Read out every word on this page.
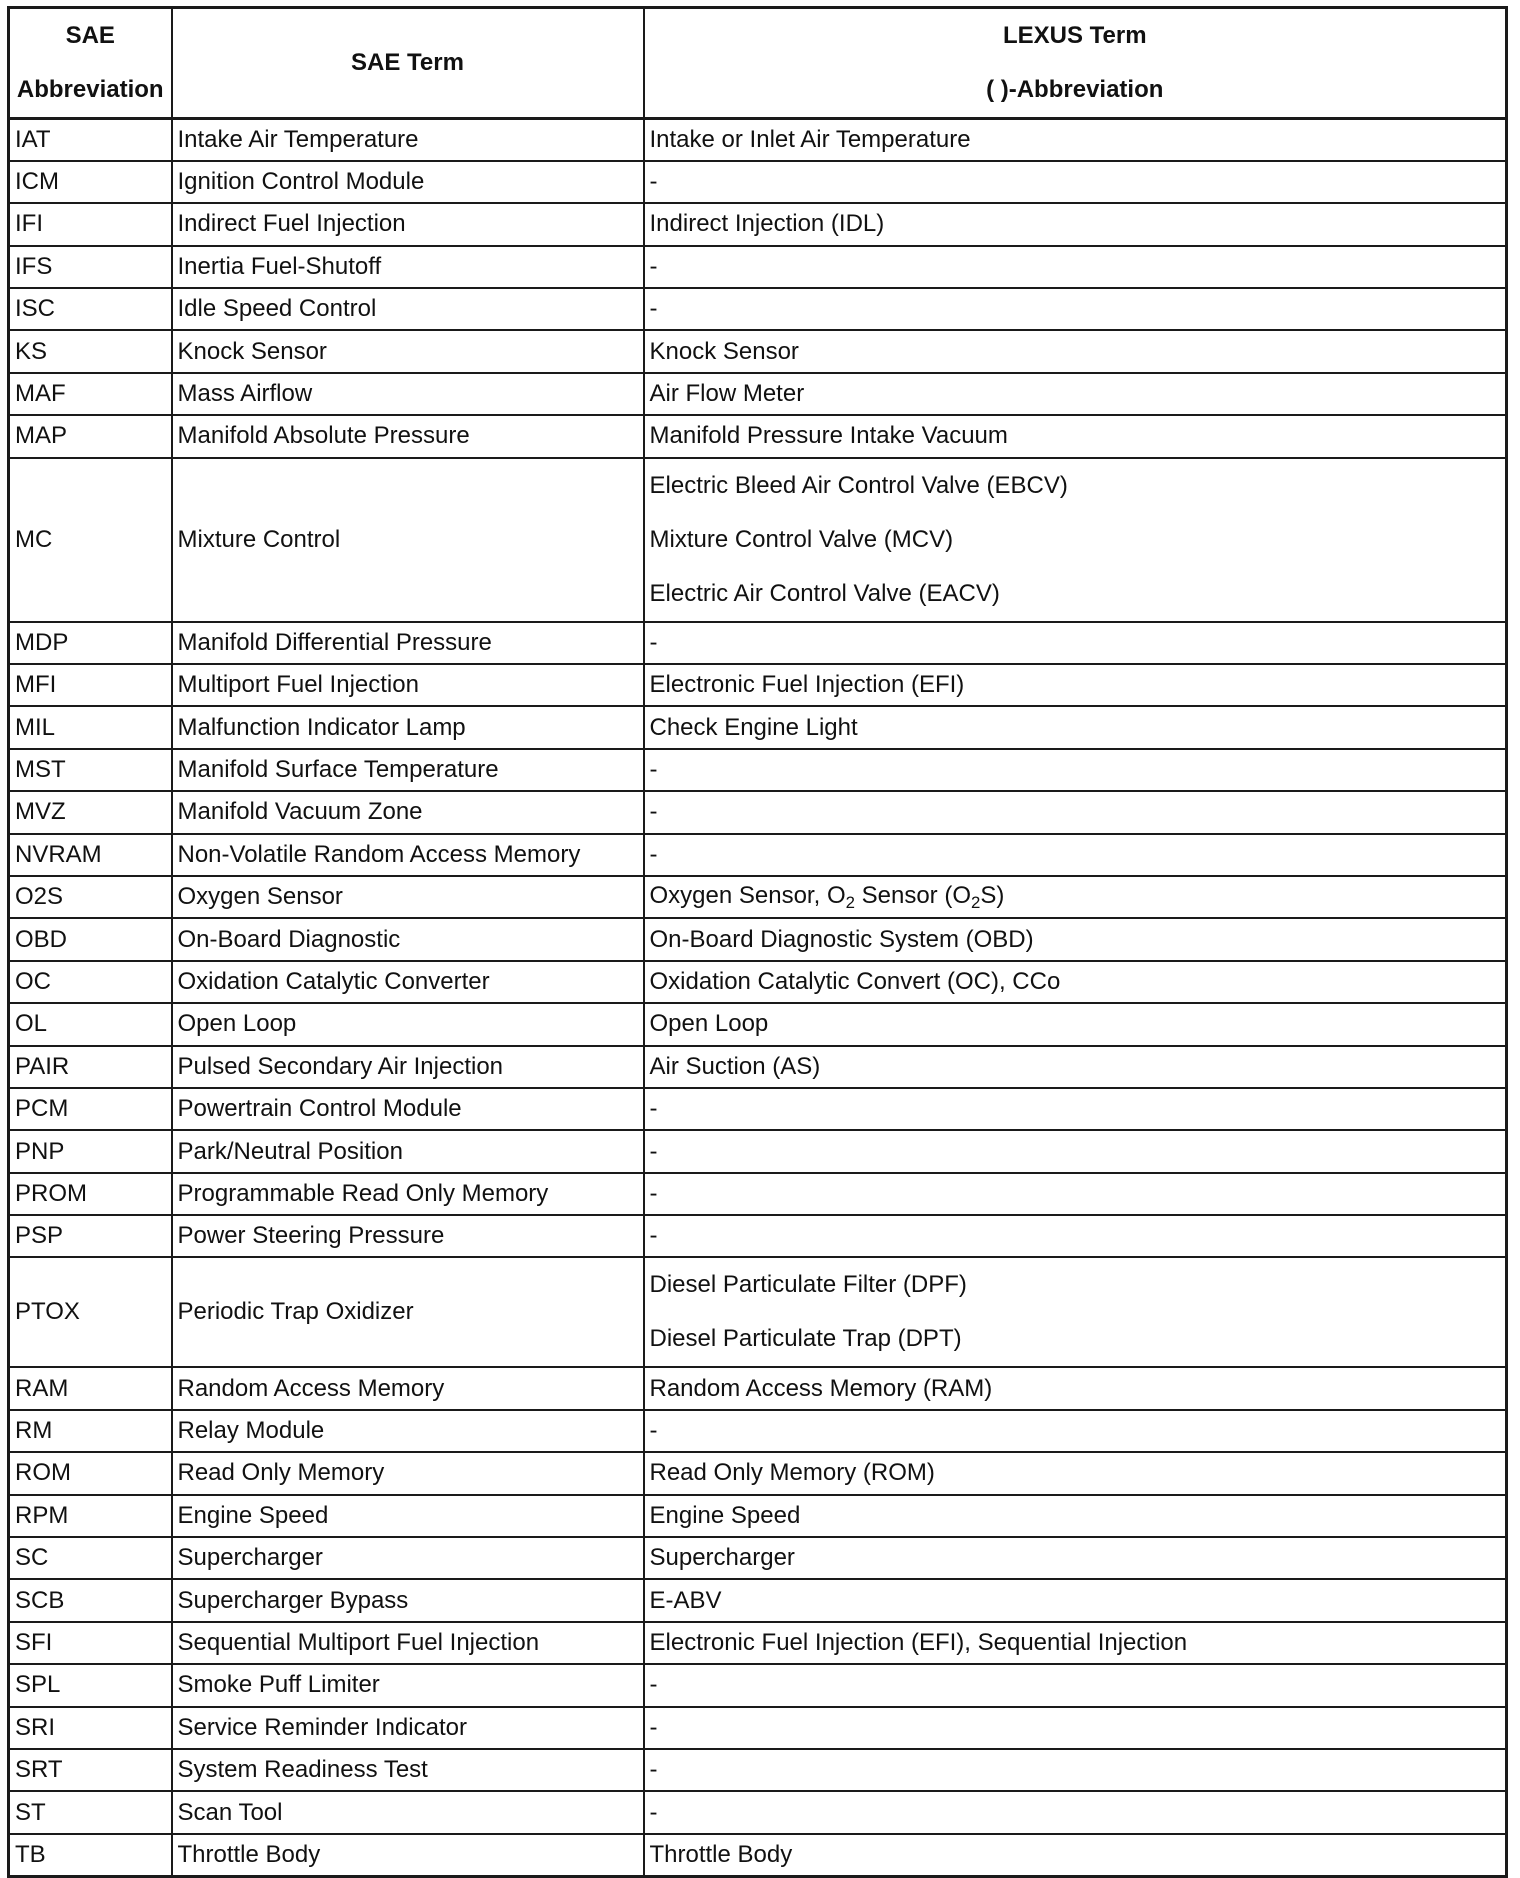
SAE
Abbreviation	SAE Term	LEXUS Term
( )-Abbreviation

IAT	Intake Air Temperature	Intake or Inlet Air Temperature
ICM	Ignition Control Module	-
IFI	Indirect Fuel Injection	Indirect Injection (IDL)
IFS	Inertia Fuel-Shutoff	-
ISC	Idle Speed Control	-
KS	Knock Sensor	Knock Sensor
MAF	Mass Airflow	Air Flow Meter
MAP	Manifold Absolute Pressure	Manifold Pressure Intake Vacuum
MC	Mixture Control	Electric Bleed Air Control Valve (EBCV)
Mixture Control Valve (MCV)
Electric Air Control Valve (EACV)

MDP	Manifold Differential Pressure	-
MFI	Multiport Fuel Injection	Electronic Fuel Injection (EFI)
MIL	Malfunction Indicator Lamp	Check Engine Light
MST	Manifold Surface Temperature	-
MVZ	Manifold Vacuum Zone	-
NVRAM	Non-Volatile Random Access Memory	-
O2S	Oxygen Sensor	Oxygen Sensor, $O_2$ Sensor $(O_2S)$
OBD	On-Board Diagnostic	On-Board Diagnostic System (OBD)
OC	Oxidation Catalytic Converter	Oxidation Catalytic Convert (OC), CCo
OL	Open Loop	Open Loop
PAIR	Pulsed Secondary Air Injection	Air Suction (AS)
PCM	Powertrain Control Module	-
PNP	Park/Neutral Position	-
PROM	Programmable Read Only Memory	-
PSP	Power Steering Pressure	-
PTOX	Periodic Trap Oxidizer	Diesel Particulate Filter (DPF)
Diesel Particulate Trap (DPT)

RAM	Random Access Memory	Random Access Memory (RAM)
RM	Relay Module	-
ROM	Read Only Memory	Read Only Memory (ROM)
RPM	Engine Speed	Engine Speed
SC	Supercharger	Supercharger
SCB	Supercharger Bypass	E-ABV
SFI	Sequential Multiport Fuel Injection	Electronic Fuel Injection (EFI), Sequential Injection
SPL	Smoke Puff Limiter	-
SRI	Service Reminder Indicator	-
SRT	System Readiness Test	-
ST	Scan Tool	-
TB	Throttle Body	Throttle Body
